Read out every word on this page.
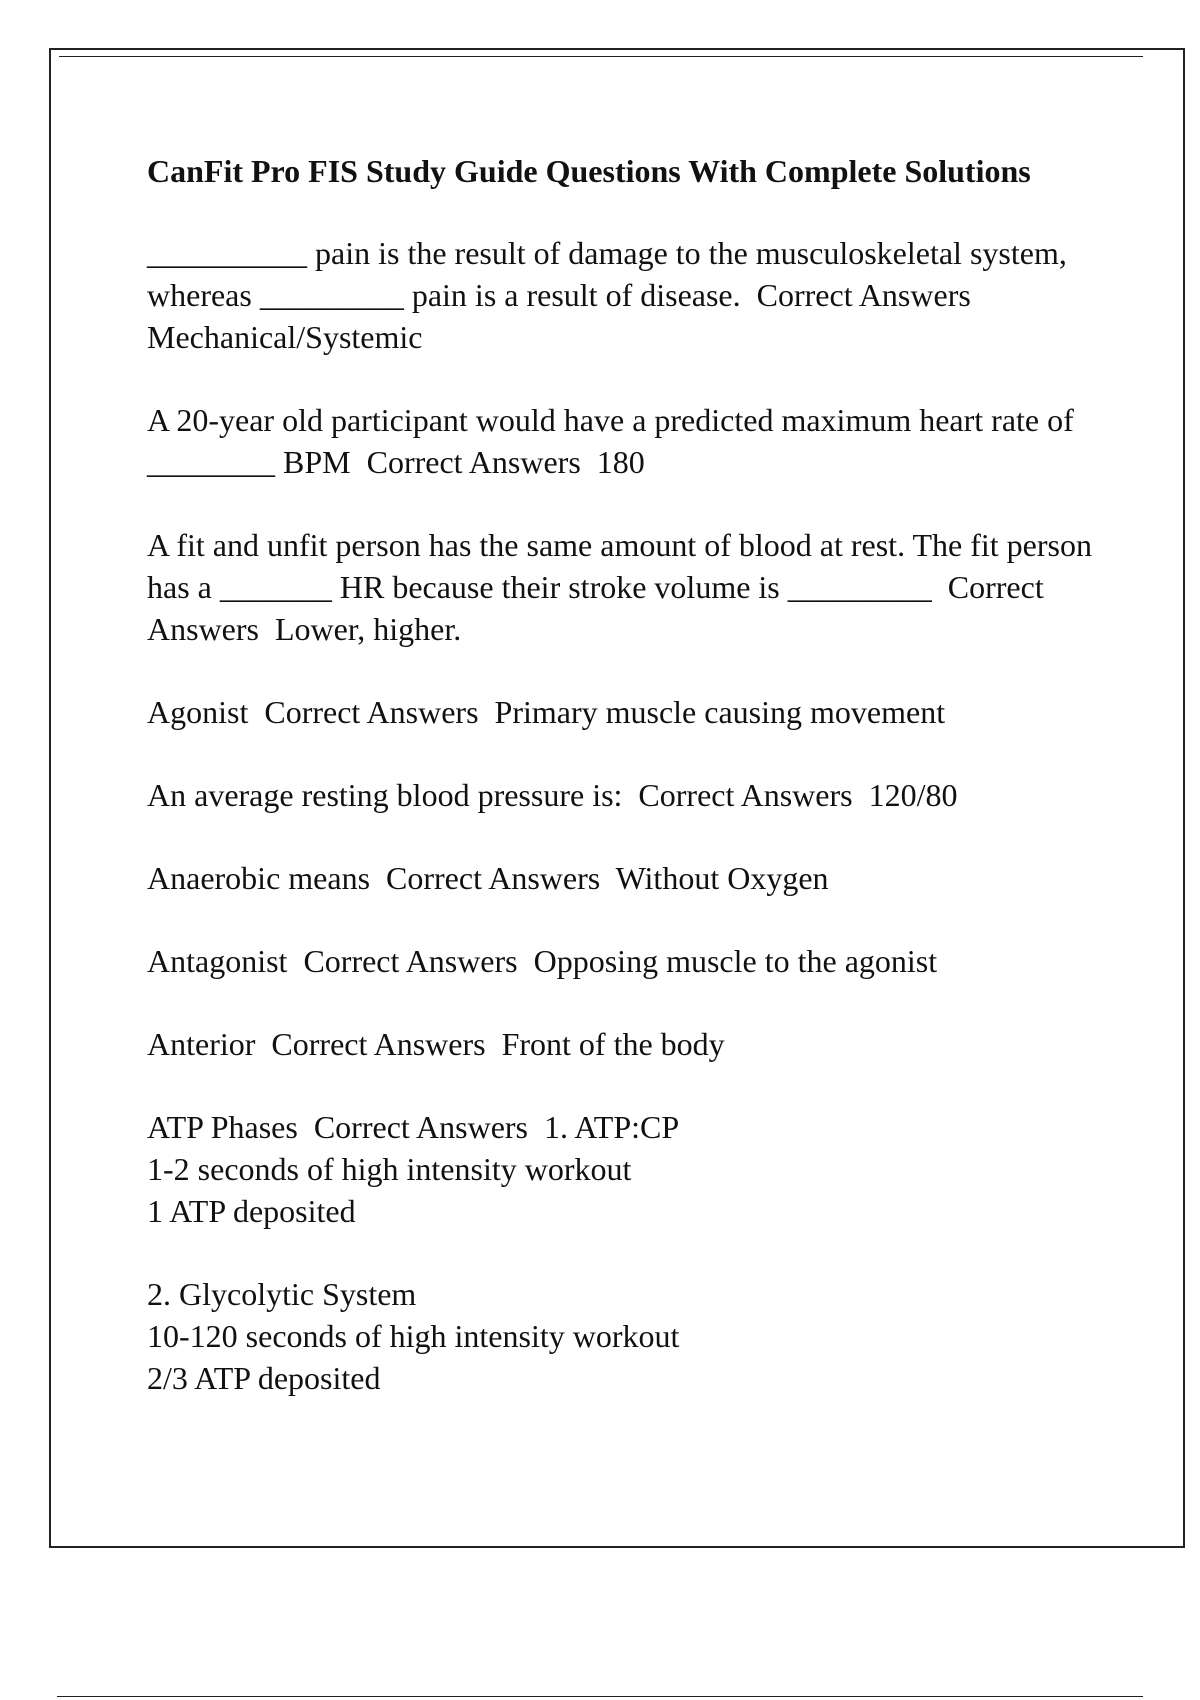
CanFit Pro FIS Study Guide Questions With Complete Solutions
__________ pain is the result of damage to the musculoskeletal system, whereas _________ pain is a result of disease.  Correct Answers  Mechanical/Systemic
A 20-year old participant would have a predicted maximum heart rate of ________ BPM  Correct Answers  180
A fit and unfit person has the same amount of blood at rest. The fit person has a _______ HR because their stroke volume is _________  Correct Answers  Lower, higher.
Agonist  Correct Answers  Primary muscle causing movement
An average resting blood pressure is:  Correct Answers  120/80
Anaerobic means  Correct Answers  Without Oxygen
Antagonist  Correct Answers  Opposing muscle to the agonist
Anterior  Correct Answers  Front of the body
ATP Phases  Correct Answers  1. ATP:CP
1-2 seconds of high intensity workout
1 ATP deposited
2. Glycolytic System
10-120 seconds of high intensity workout
2/3 ATP deposited
